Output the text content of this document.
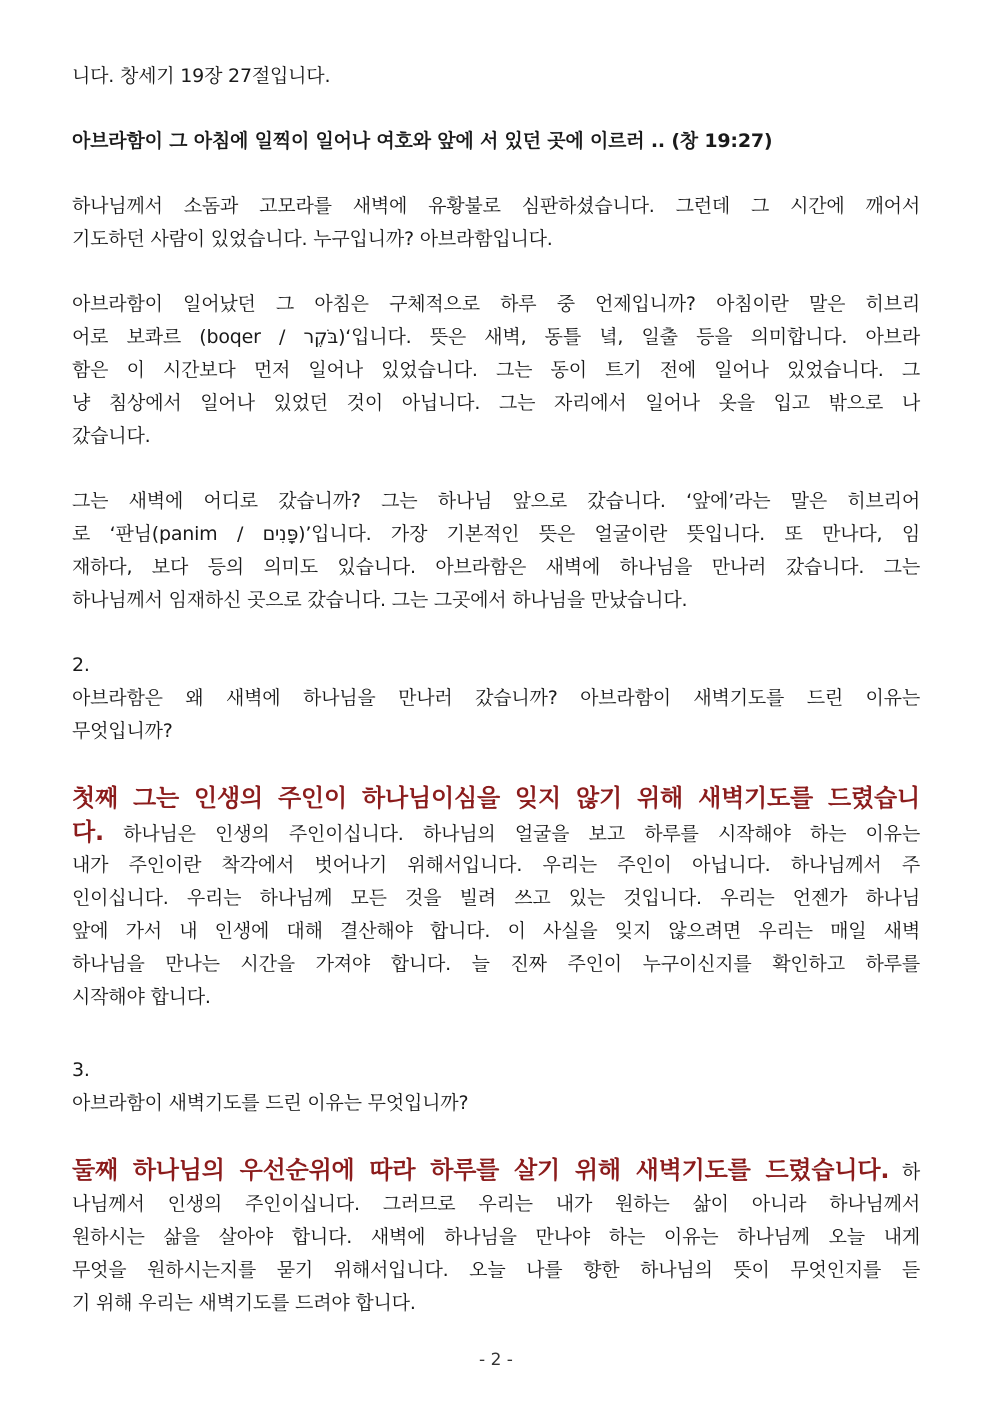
니다. 창세기 19장 27절입니다.
아브라함이 그 아침에 일찍이 일어나 여호와 앞에 서 있던 곳에 이르러 .. (창 19:27)
하나님께서 소돔과 고모라를 새벽에 유황불로 심판하셨습니다. 그런데 그 시간에 깨어서
기도하던 사람이 있었습니다. 누구입니까? 아브라함입니다.
아브라함이 일어났던 그 아침은 구체적으로 하루 중 언제입니까? 아침이란 말은 히브리
어로 보콰르 (boqer / בֹּקֶר)‘입니다. 뜻은 새벽, 동틀 녘, 일출 등을 의미합니다. 아브라
함은 이 시간보다 먼저 일어나 있었습니다. 그는 동이 트기 전에 일어나 있었습니다. 그
냥 침상에서 일어나 있었던 것이 아닙니다. 그는 자리에서 일어나 옷을 입고 밖으로 나
갔습니다.
그는 새벽에 어디로 갔습니까? 그는 하나님 앞으로 갔습니다. ‘앞에’라는 말은 히브리어
로 ‘판님(panim / פָּנִים)’입니다. 가장 기본적인 뜻은 얼굴이란 뜻입니다. 또 만나다, 임
재하다, 보다 등의 의미도 있습니다. 아브라함은 새벽에 하나님을 만나러 갔습니다. 그는
하나님께서 임재하신 곳으로 갔습니다. 그는 그곳에서 하나님을 만났습니다.
2.
아브라함은 왜 새벽에 하나님을 만나러 갔습니까? 아브라함이 새벽기도를 드린 이유는
무엇입니까?
첫째 그는 인생의 주인이 하나님이심을 잊지 않기 위해 새벽기도를 드렸습니
다. 하나님은 인생의 주인이십니다. 하나님의 얼굴을 보고 하루를 시작해야 하는 이유는
내가 주인이란 착각에서 벗어나기 위해서입니다. 우리는 주인이 아닙니다. 하나님께서 주
인이십니다. 우리는 하나님께 모든 것을 빌려 쓰고 있는 것입니다. 우리는 언젠가 하나님
앞에 가서 내 인생에 대해 결산해야 합니다. 이 사실을 잊지 않으려면 우리는 매일 새벽
하나님을 만나는 시간을 가져야 합니다. 늘 진짜 주인이 누구이신지를 확인하고 하루를
시작해야 합니다.
3.
아브라함이 새벽기도를 드린 이유는 무엇입니까?
둘째 하나님의 우선순위에 따라 하루를 살기 위해 새벽기도를 드렸습니다. 하
나님께서 인생의 주인이십니다. 그러므로 우리는 내가 원하는 삶이 아니라 하나님께서
원하시는 삶을 살아야 합니다. 새벽에 하나님을 만나야 하는 이유는 하나님께 오늘 내게
무엇을 원하시는지를 묻기 위해서입니다. 오늘 나를 향한 하나님의 뜻이 무엇인지를 듣
기 위해 우리는 새벽기도를 드려야 합니다.
- 2 -
